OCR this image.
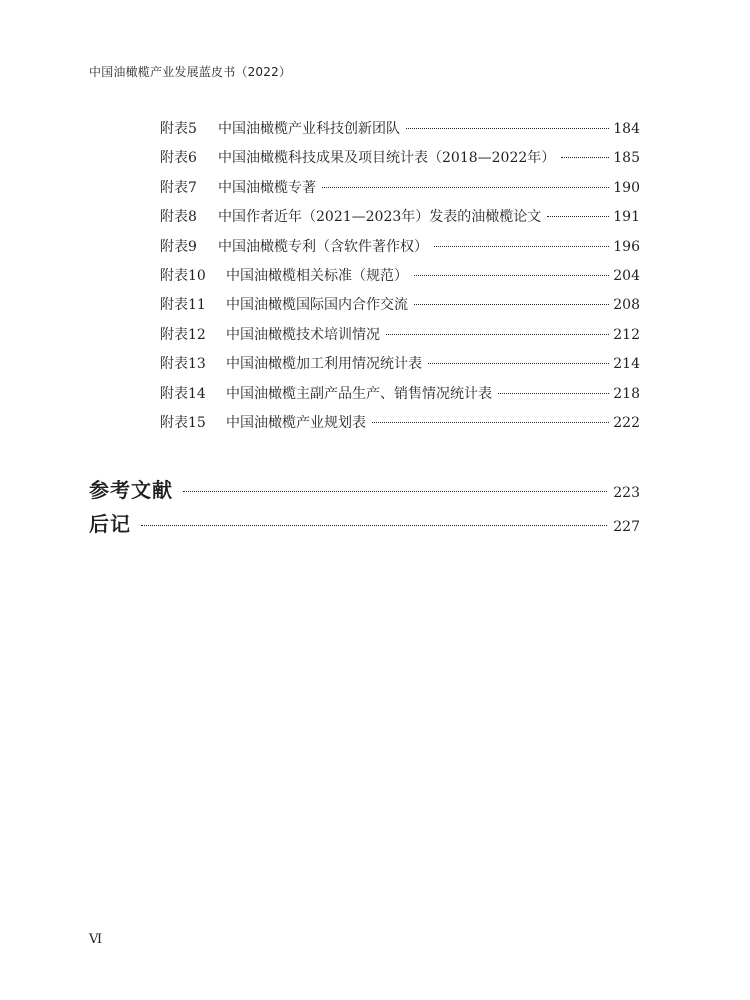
中国油橄榄产业发展蓝皮书（2022）
附表5	中国油橄榄产业科技创新团队	184
附表6	中国油橄榄科技成果及项目统计表（2018—2022年）	185
附表7	中国油橄榄专著	190
附表8	中国作者近年（2021—2023年）发表的油橄榄论文	191
附表9	中国油橄榄专利（含软件著作权）	196
附表10	中国油橄榄相关标准（规范）	204
附表11	中国油橄榄国际国内合作交流	208
附表12	中国油橄榄技术培训情况	212
附表13	中国油橄榄加工利用情况统计表	214
附表14	中国油橄榄主副产品生产、销售情况统计表	218
附表15	中国油橄榄产业规划表	222
参考文献	223
后记	227
Ⅵ
